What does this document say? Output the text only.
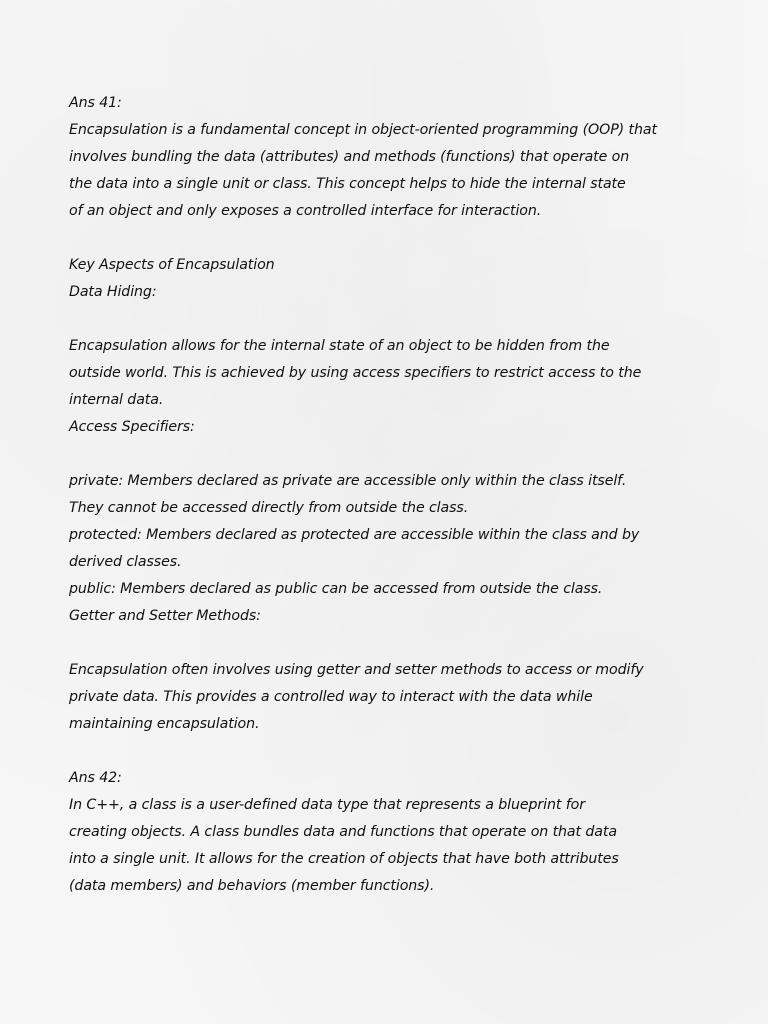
Ans 41:
Encapsulation is a fundamental concept in object-oriented programming (OOP) that
involves bundling the data (attributes) and methods (functions) that operate on
the data into a single unit or class. This concept helps to hide the internal state
of an object and only exposes a controlled interface for interaction.
Key Aspects of Encapsulation
Data Hiding:
Encapsulation allows for the internal state of an object to be hidden from the
outside world. This is achieved by using access specifiers to restrict access to the
internal data.
Access Specifiers:
private: Members declared as private are accessible only within the class itself.
They cannot be accessed directly from outside the class.
protected: Members declared as protected are accessible within the class and by
derived classes.
public: Members declared as public can be accessed from outside the class.
Getter and Setter Methods:
Encapsulation often involves using getter and setter methods to access or modify
private data. This provides a controlled way to interact with the data while
maintaining encapsulation.
Ans 42:
In C++, a class is a user-defined data type that represents a blueprint for
creating objects. A class bundles data and functions that operate on that data
into a single unit. It allows for the creation of objects that have both attributes
(data members) and behaviors (member functions).
